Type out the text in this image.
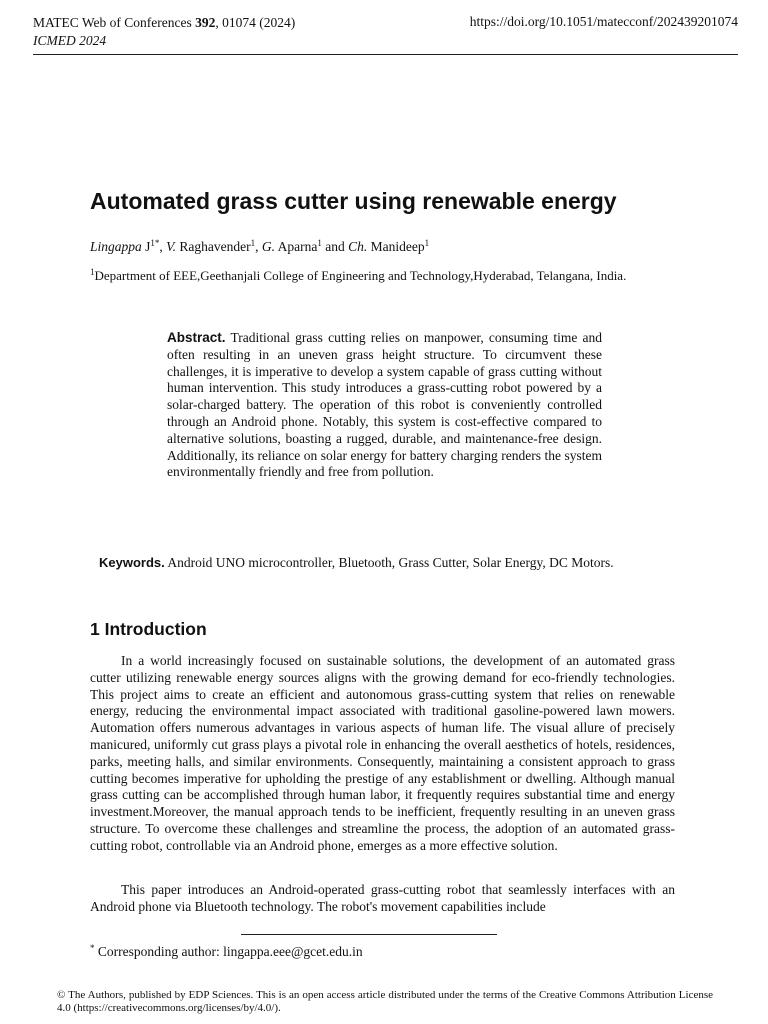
MATEC Web of Conferences 392, 01074 (2024)
ICMED 2024
https://doi.org/10.1051/matecconf/202439201074
Automated grass cutter using renewable energy
Lingappa $J^{1*}$, V. Raghavender$^1$, G. Aparna$^1$ and Ch. Manideep$^1$
$^1$Department of EEE,Geethanjali College of Engineering and Technology,Hyderabad, Telangana, India.
Abstract. Traditional grass cutting relies on manpower, consuming time and often resulting in an uneven grass height structure. To circumvent these challenges, it is imperative to develop a system capable of grass cutting without human intervention. This study introduces a grass-cutting robot powered by a solar-charged battery. The operation of this robot is conveniently controlled through an Android phone. Notably, this system is cost-effective compared to alternative solutions, boasting a rugged, durable, and maintenance-free design. Additionally, its reliance on solar energy for battery charging renders the system environmentally friendly and free from pollution.
Keywords. Android UNO microcontroller, Bluetooth, Grass Cutter, Solar Energy, DC Motors.
1 Introduction
In a world increasingly focused on sustainable solutions, the development of an automated grass cutter utilizing renewable energy sources aligns with the growing demand for eco-friendly technologies. This project aims to create an efficient and autonomous grass-cutting system that relies on renewable energy, reducing the environmental impact associated with traditional gasoline-powered lawn mowers. Automation offers numerous advantages in various aspects of human life. The visual allure of precisely manicured, uniformly cut grass plays a pivotal role in enhancing the overall aesthetics of hotels, residences, parks, meeting halls, and similar environments. Consequently, maintaining a consistent approach to grass cutting becomes imperative for upholding the prestige of any establishment or dwelling. Although manual grass cutting can be accomplished through human labor, it frequently requires substantial time and energy investment.Moreover, the manual approach tends to be inefficient, frequently resulting in an uneven grass structure. To overcome these challenges and streamline the process, the adoption of an automated grass-cutting robot, controllable via an Android phone, emerges as a more effective solution.
This paper introduces an Android-operated grass-cutting robot that seamlessly interfaces with an Android phone via Bluetooth technology. The robot's movement capabilities include
* Corresponding author: lingappa.eee@gcet.edu.in
© The Authors, published by EDP Sciences. This is an open access article distributed under the terms of the Creative Commons Attribution License 4.0 (https://creativecommons.org/licenses/by/4.0/).
